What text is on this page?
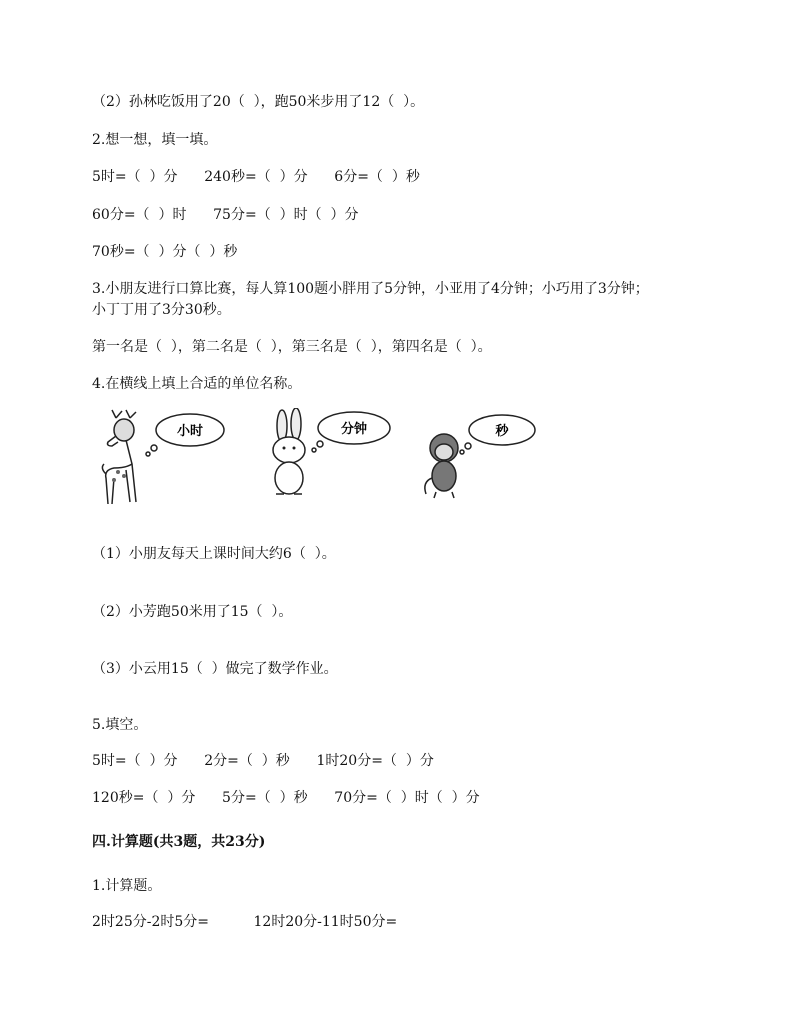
（2）孙林吃饭用了20（  ），跑50米步用了12（  ）。
2.想一想，填一填。
5时=（  ）分      240秒=（  ）分      6分=（  ）秒
60分=（  ）时      75分=（  ）时（  ）分
70秒=（  ）分（  ）秒
3.小朋友进行口算比赛，每人算100题小胖用了5分钟，小亚用了4分钟；小巧用了3分钟；
小丁丁用了3分30秒。
第一名是（  ），第二名是（  ），第三名是（  ），第四名是（  ）。
4.在横线上填上合适的单位名称。
小时	分钟	秒
（1）小朋友每天上课时间大约6（  ）。
（2）小芳跑50米用了15（  ）。
（3）小云用15（  ）做完了数学作业。
5.填空。
5时=（  ）分      2分=（  ）秒      1时20分=（  ）分
120秒=（  ）分      5分=（  ）秒      70分=（  ）时（  ）分
四.计算题(共3题，共23分)
1.计算题。
2时25分-2时5分=          12时20分-11时50分=
